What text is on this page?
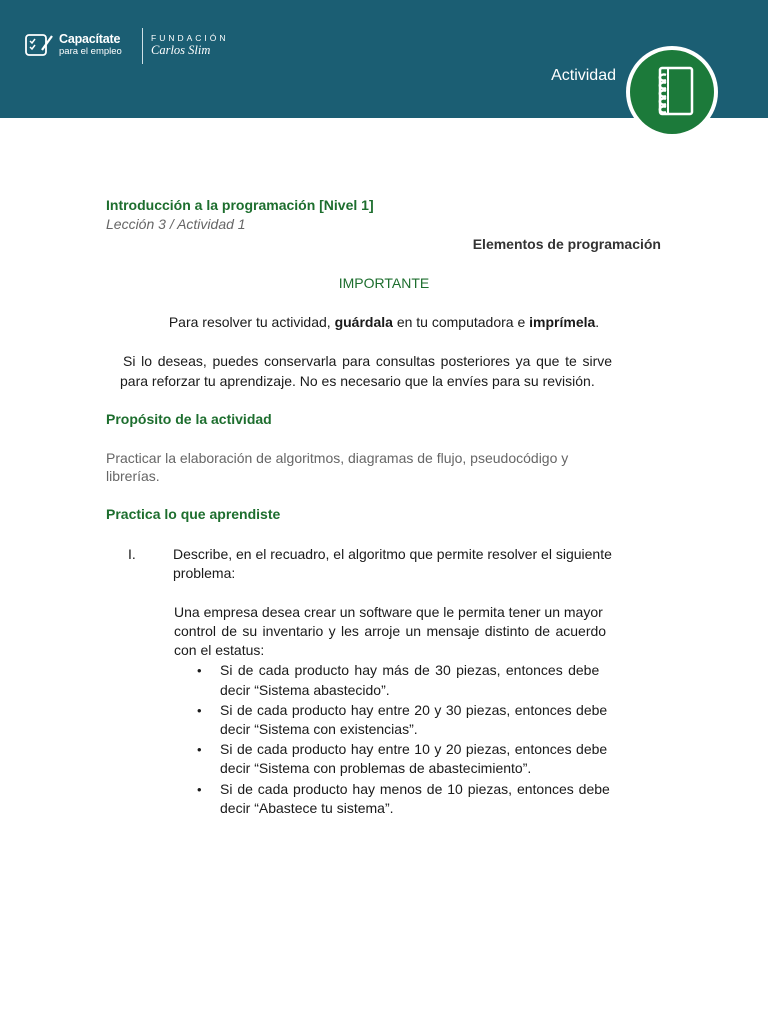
Capacítate
para el empleo
FUNDACIÓN
Carlos Slim
Actividad
Introducción a la programación [Nivel 1]
Lección 3 / Actividad 1
Elementos de programación
IMPORTANTE
Para resolver tu actividad, guárdala en tu computadora e imprímela.
Si lo deseas, puedes conservarla para consultas posteriores ya que te sirve
para reforzar tu aprendizaje. No es necesario que la envíes para su revisión.
Propósito de la actividad
Practicar la elaboración de algoritmos, diagramas de flujo, pseudocódigo y
librerías.
Practica lo que aprendiste
I.	Describe, en el recuadro, el algoritmo que permite resolver el siguiente
problema:
Una empresa desea crear un software que le permita tener un mayor
control de su inventario y les arroje un mensaje distinto de acuerdo
con el estatus:
• Si de cada producto hay más de 30 piezas, entonces debe
decir “Sistema abastecido”.
• Si de cada producto hay entre 20 y 30 piezas, entonces debe
decir “Sistema con existencias”.
• Si de cada producto hay entre 10 y 20 piezas, entonces debe
decir “Sistema con problemas de abastecimiento”.
• Si de cada producto hay menos de 10 piezas, entonces debe
decir “Abastece tu sistema”.
